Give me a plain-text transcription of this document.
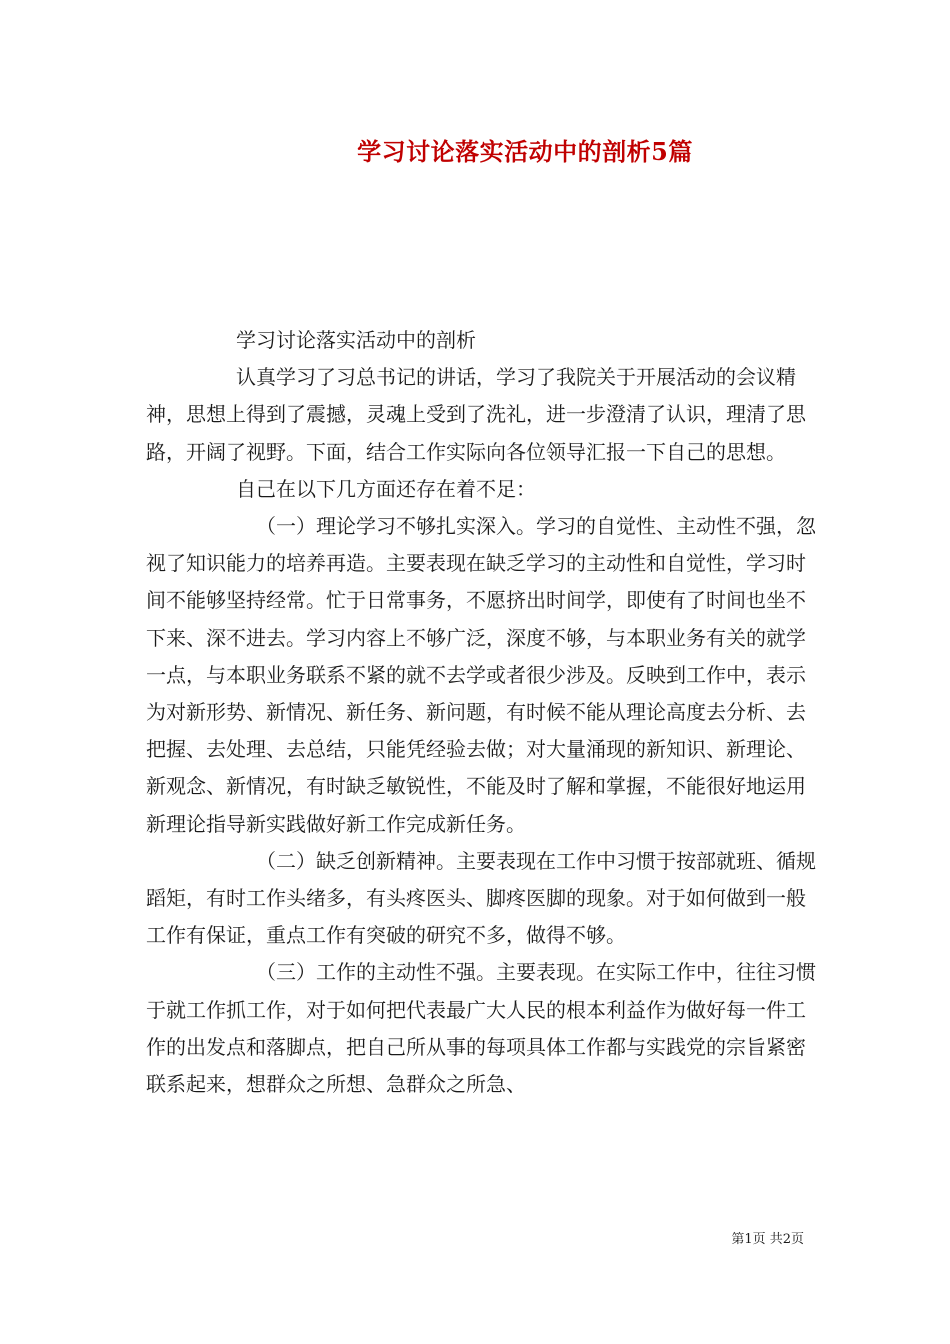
学习讨论落实活动中的剖析5篇

学习讨论落实活动中的剖析

认真学习了习总书记的讲话，学习了我院关于开展活动的会议精神，思想上得到了震撼，灵魂上受到了洗礼，进一步澄清了认识，理清了思路，开阔了视野。下面，结合工作实际向各位领导汇报一下自己的思想。

自己在以下几方面还存在着不足：

（一）理论学习不够扎实深入。学习的自觉性、主动性不强，忽视了知识能力的培养再造。主要表现在缺乏学习的主动性和自觉性，学习时间不能够坚持经常。忙于日常事务，不愿挤出时间学，即使有了时间也坐不下来、深不进去。学习内容上不够广泛，深度不够，与本职业务有关的就学一点，与本职业务联系不紧的就不去学或者很少涉及。反映到工作中，表示为对新形势、新情况、新任务、新问题，有时候不能从理论高度去分析、去把握、去处理、去总结，只能凭经验去做；对大量涌现的新知识、新理论、新观念、新情况，有时缺乏敏锐性，不能及时了解和掌握，不能很好地运用新理论指导新实践做好新工作完成新任务。

（二）缺乏创新精神。主要表现在工作中习惯于按部就班、循规蹈矩，有时工作头绪多，有头疼医头、脚疼医脚的现象。对于如何做到一般工作有保证，重点工作有突破的研究不多，做得不够。

（三）工作的主动性不强。主要表现。在实际工作中，往往习惯于就工作抓工作，对于如何把代表最广大人民的根本利益作为做好每一件工作的出发点和落脚点，把自己所从事的每项具体工作都与实践党的宗旨紧密联系起来，想群众之所想、急群众之所急、

第1页 共2页
